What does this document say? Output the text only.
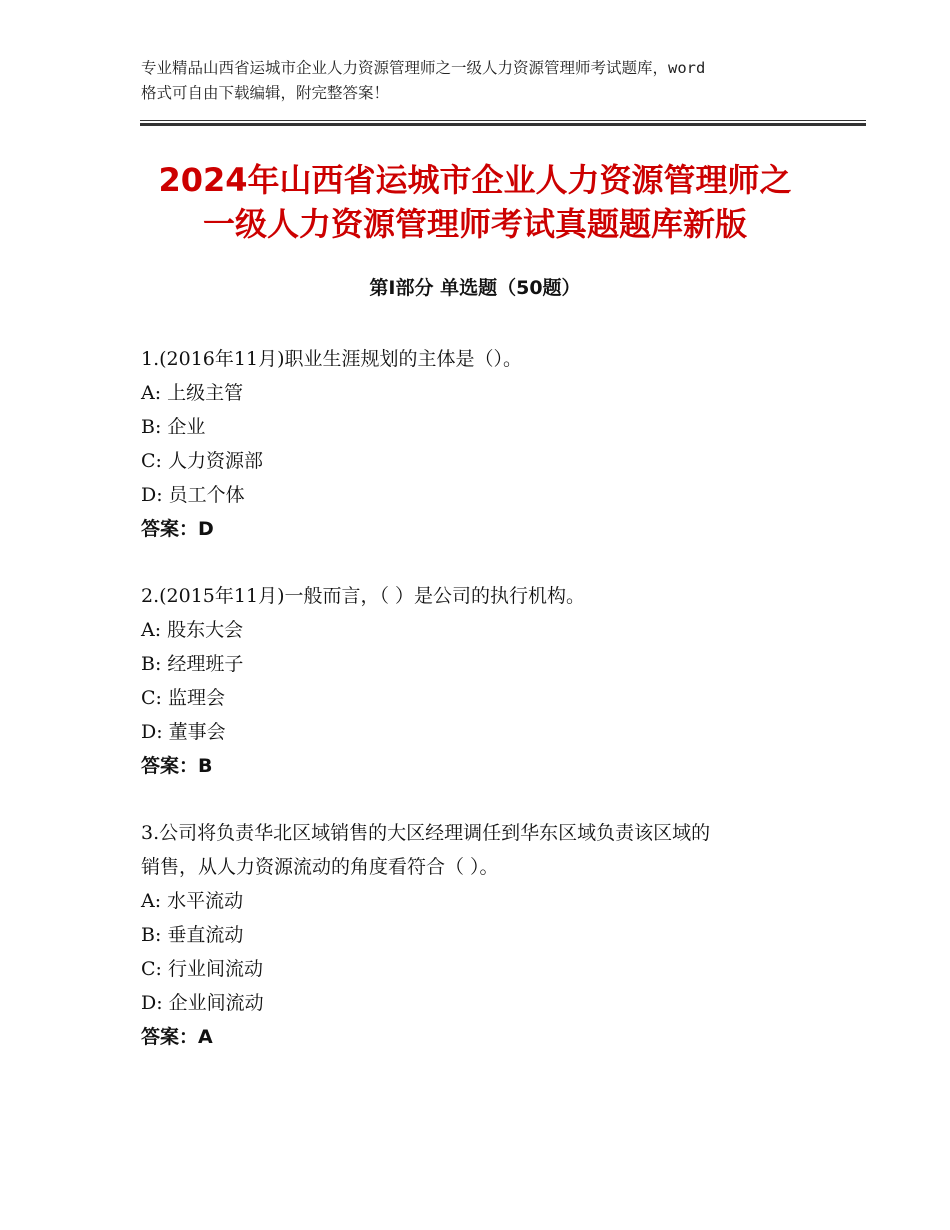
专业精品山西省运城市企业人力资源管理师之一级人力资源管理师考试题库，word
格式可自由下载编辑，附完整答案！
2024年山西省运城市企业人力资源管理师之
一级人力资源管理师考试真题题库新版
第Ⅰ部分 单选题（50题）
1.(2016年11月)职业生涯规划的主体是（）。
A: 上级主管
B: 企业
C: 人力资源部
D: 员工个体
答案：D
2.(2015年11月)一般而言，（ ）是公司的执行机构。
A: 股东大会
B: 经理班子
C: 监理会
D: 董事会
答案：B
3.公司将负责华北区域销售的大区经理调任到华东区域负责该区域的
销售，从人力资源流动的角度看符合（ ）。
A: 水平流动
B: 垂直流动
C: 行业间流动
D: 企业间流动
答案：A
